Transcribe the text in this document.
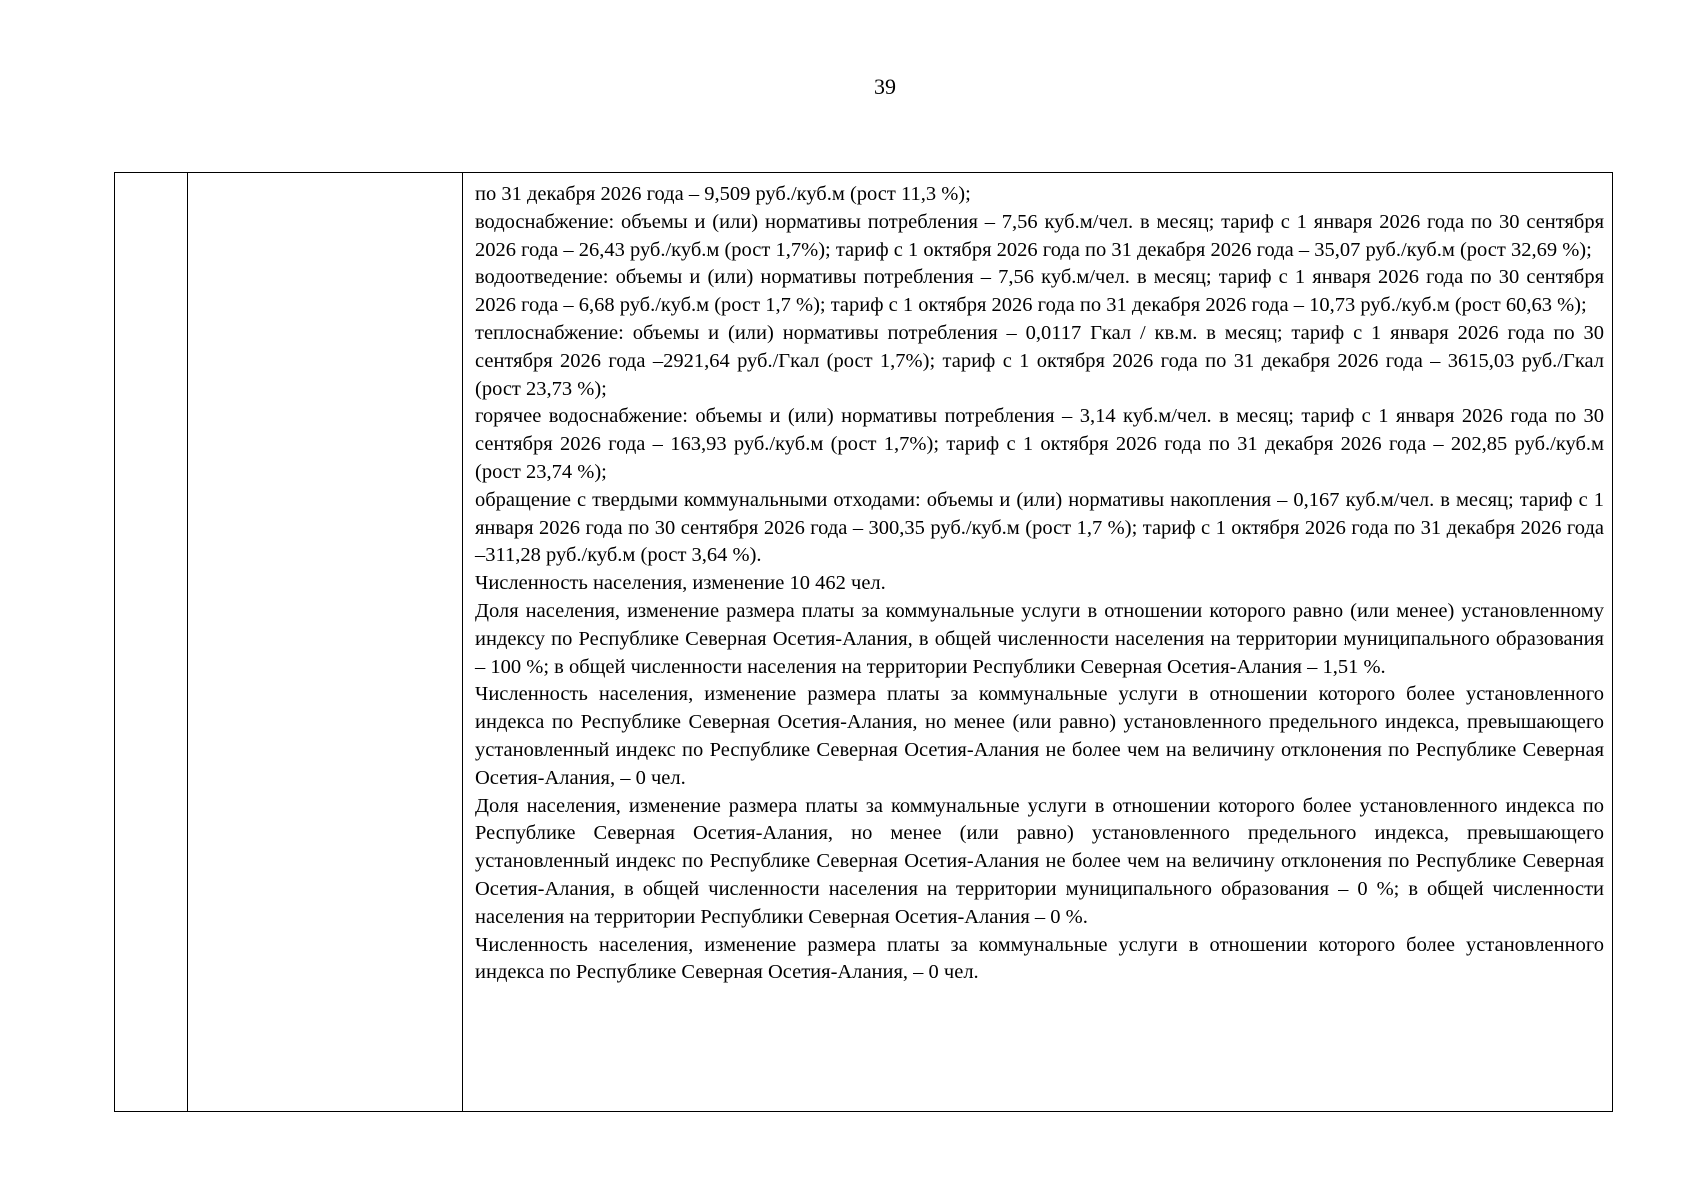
39

по 31 декабря 2026 года – 9,509 руб./куб.м (рост 11,3 %);

водоснабжение: объемы и (или) нормативы потребления – 7,56 куб.м/чел. в месяц; тариф с 1 января 2026 года по 30 сентября 2026 года – 26,43 руб./куб.м (рост 1,7%); тариф с 1 октября 2026 года по 31 декабря 2026 года – 35,07 руб./куб.м (рост 32,69 %);

водоотведение: объемы и (или) нормативы потребления – 7,56 куб.м/чел. в месяц; тариф с 1 января 2026 года по 30 сентября 2026 года – 6,68 руб./куб.м (рост 1,7 %); тариф с 1 октября 2026 года по 31 декабря 2026 года – 10,73 руб./куб.м (рост 60,63 %);

теплоснабжение: объемы и (или) нормативы потребления – 0,0117 Гкал / кв.м. в месяц; тариф с 1 января 2026 года по 30 сентября 2026 года –2921,64 руб./Гкал (рост 1,7%); тариф с 1 октября 2026 года по 31 декабря 2026 года – 3615,03 руб./Гкал (рост 23,73 %);

горячее водоснабжение: объемы и (или) нормативы потребления – 3,14 куб.м/чел. в месяц; тариф с 1 января 2026 года по 30 сентября 2026 года – 163,93 руб./куб.м (рост 1,7%); тариф с 1 октября 2026 года по 31 декабря 2026 года – 202,85 руб./куб.м (рост 23,74 %);

обращение с твердыми коммунальными отходами: объемы и (или) нормативы накопления – 0,167 куб.м/чел. в месяц; тариф с 1 января 2026 года по 30 сентября 2026 года – 300,35 руб./куб.м (рост 1,7 %); тариф с 1 октября 2026 года по 31 декабря 2026 года –311,28 руб./куб.м (рост 3,64 %).

Численность населения, изменение 10 462 чел.

Доля населения, изменение размера платы за коммунальные услуги в отношении которого равно (или менее) установленному индексу по Республике Северная Осетия-Алания, в общей численности населения на территории муниципального образования – 100 %; в общей численности населения на территории Республики Северная Осетия-Алания – 1,51 %.

Численность населения, изменение размера платы за коммунальные услуги в отношении которого более установленного индекса по Республике Северная Осетия-Алания, но менее (или равно) установленного предельного индекса, превышающего установленный индекс по Республике Северная Осетия-Алания не более чем на величину отклонения по Республике Северная Осетия-Алания, – 0 чел.

Доля населения, изменение размера платы за коммунальные услуги в отношении которого более установленного индекса по Республике Северная Осетия-Алания, но менее (или равно) установленного предельного индекса, превышающего установленный индекс по Республике Северная Осетия-Алания не более чем на величину отклонения по Республике Северная Осетия-Алания, в общей численности населения на территории муниципального образования – 0 %; в общей численности населения на территории Республики Северная Осетия-Алания – 0 %.

Численность населения, изменение размера платы за коммунальные услуги в отношении которого более установленного индекса по Республике Северная Осетия-Алания, – 0 чел.
